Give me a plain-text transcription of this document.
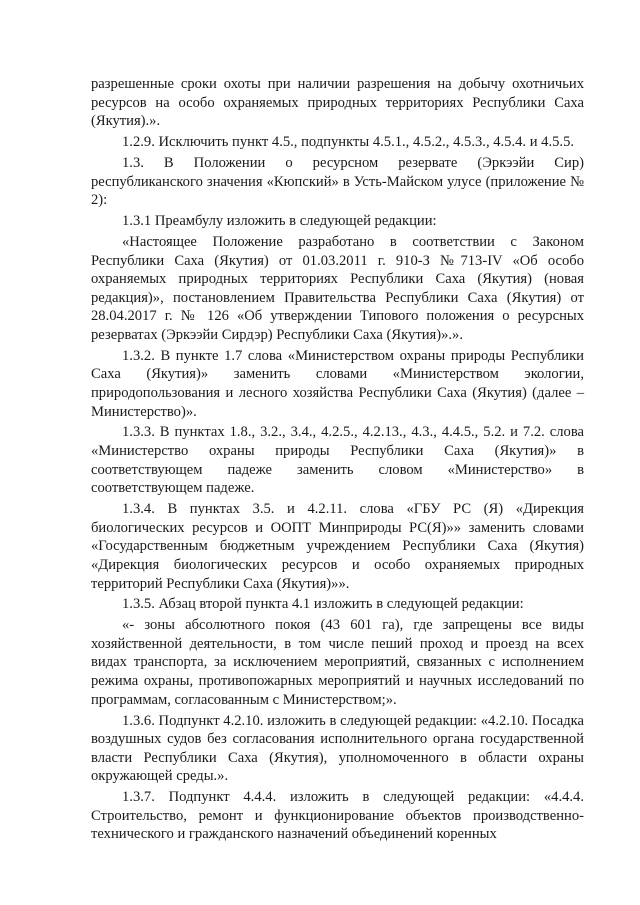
разрешенные сроки охоты при наличии разрешения на добычу охотничьих ресурсов на особо охраняемых природных территориях Республики Саха (Якутия).».

1.2.9. Исключить пункт 4.5., подпункты 4.5.1., 4.5.2., 4.5.3., 4.5.4. и 4.5.5.

1.3. В Положении о ресурсном резервате (Эркээйи Сир) республиканского значения «Кюпский» в Усть-Майском улусе (приложение № 2):

1.3.1 Преамбулу изложить в следующей редакции:

«Настоящее Положение разработано в соответствии с Законом Республики Саха (Якутия) от 01.03.2011 г. 910-З №713-IV «Об особо охраняемых природных территориях Республики Саха (Якутия) (новая редакция)», постановлением Правительства Республики Саха (Якутия) от 28.04.2017 г. № 126 «Об утверждении Типового положения о ресурсных резерватах (Эркээйи Сирдэр) Республики Саха (Якутия)».».

1.3.2. В пункте 1.7 слова «Министерством охраны природы Республики Саха (Якутия)» заменить словами «Министерством экологии, природопользования и лесного хозяйства Республики Саха (Якутия) (далее – Министерство)».

1.3.3. В пунктах 1.8., 3.2., 3.4., 4.2.5., 4.2.13., 4.3., 4.4.5., 5.2. и 7.2. слова «Министерство охраны природы Республики Саха (Якутия)» в соответствующем падеже заменить словом «Министерство» в соответствующем падеже.

1.3.4. В пунктах 3.5. и 4.2.11. слова «ГБУ РС (Я) «Дирекция биологических ресурсов и ООПТ Минприроды РС(Я)»» заменить словами «Государственным бюджетным учреждением Республики Саха (Якутия) «Дирекция биологических ресурсов и особо охраняемых природных территорий Республики Саха (Якутия)»».

1.3.5. Абзац второй пункта 4.1 изложить в следующей редакции:

«- зоны абсолютного покоя (43 601 га), где запрещены все виды хозяйственной деятельности, в том числе пеший проход и проезд на всех видах транспорта, за исключением мероприятий, связанных с исполнением режима охраны, противопожарных мероприятий и научных исследований по программам, согласованным с Министерством;».

1.3.6. Подпункт 4.2.10. изложить в следующей редакции: «4.2.10. Посадка воздушных судов без согласования исполнительного органа государственной власти Республики Саха (Якутия), уполномоченного в области охраны окружающей среды.».

1.3.7. Подпункт 4.4.4. изложить в следующей редакции: «4.4.4. Строительство, ремонт и функционирование объектов производственно-технического и гражданского назначений объединений коренных
